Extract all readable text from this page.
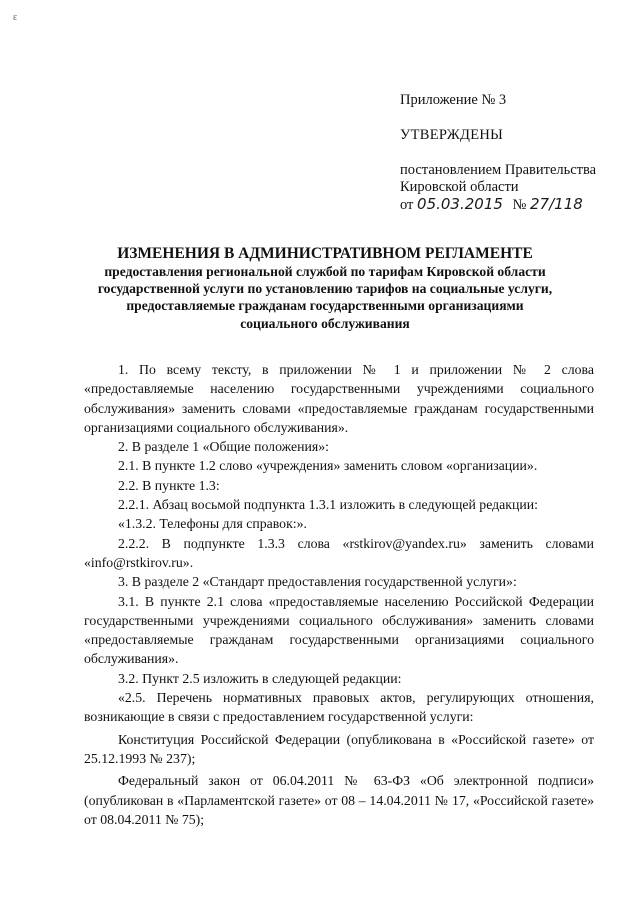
ε
Приложение № 3
УТВЕРЖДЕНЫ
постановлением Правительства
Кировской области
от 05.03.2015 № 27/118
ИЗМЕНЕНИЯ В АДМИНИСТРАТИВНОМ РЕГЛАМЕНТЕ
предоставления региональной службой по тарифам Кировской области
государственной услуги по установлению тарифов на социальные услуги,
предоставляемые гражданам государственными организациями
социального обслуживания

1. По всему тексту, в приложении № 1 и приложении № 2 слова «предоставляемые населению государственными учреждениями социального обслуживания» заменить словами «предоставляемые гражданам государственными организациями социального обслуживания».

2. В разделе 1 «Общие положения»:

2.1. В пункте 1.2 слово «учреждения» заменить словом «организации».

2.2. В пункте 1.3:

2.2.1. Абзац восьмой подпункта 1.3.1 изложить в следующей редакции:

«1.3.2. Телефоны для справок:».

2.2.2. В подпункте 1.3.3 слова «rstkirov@yandex.ru» заменить словами «info@rstkirov.ru».

3. В разделе 2 «Стандарт предоставления государственной услуги»:

3.1. В пункте 2.1 слова «предоставляемые населению Российской Федерации государственными учреждениями социального обслуживания» заменить словами «предоставляемые гражданам государственными организациями социального обслуживания».

3.2. Пункт 2.5 изложить в следующей редакции:

«2.5. Перечень нормативных правовых актов, регулирующих отношения, возникающие в связи с предоставлением государственной услуги:

Конституция Российской Федерации (опубликована в «Российской газете» от 25.12.1993 № 237);

Федеральный закон от 06.04.2011 № 63-ФЗ «Об электронной подписи» (опубликован в «Парламентской газете» от 08 – 14.04.2011 № 17, «Российской газете» от 08.04.2011 № 75);
